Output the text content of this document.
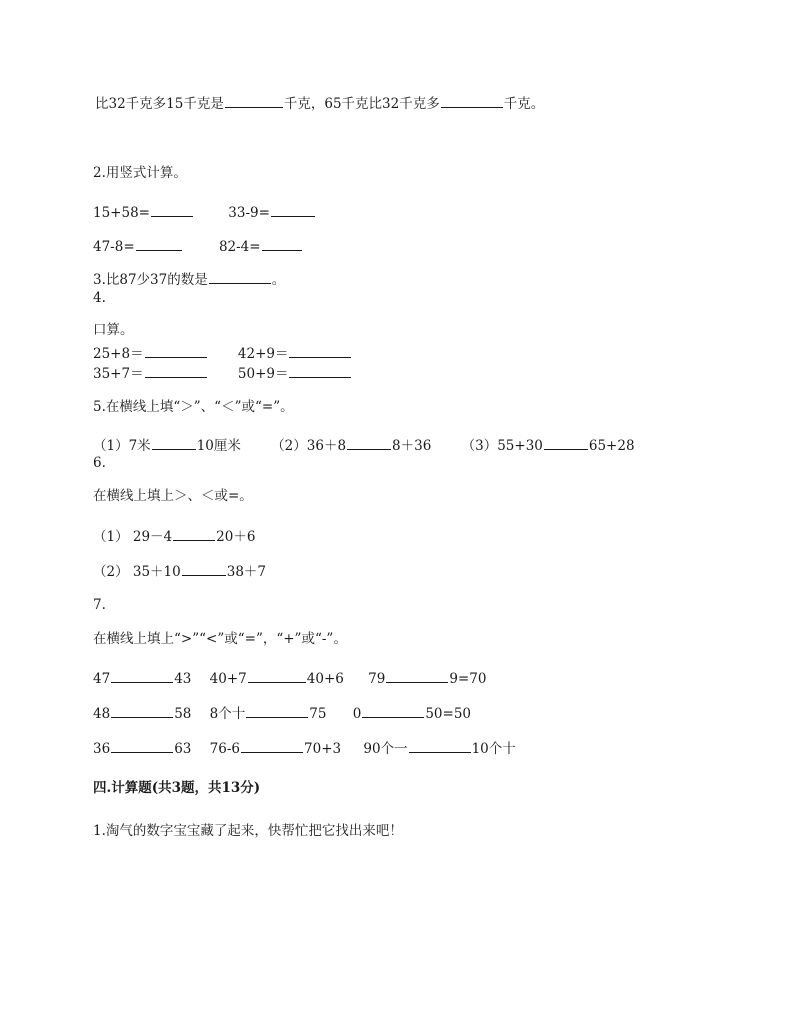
比32千克多15千克是	千克，65千克比32千克多	千克。
2.用竖式计算。
15+58=	33-9=
47-8=	82-4=
3.比87少37的数是	。
4.
口算。
25+8＝	42+9＝
35+7＝	50+9＝
5.在横线上填“＞”、“＜”或“=”。
（1）7米	10厘米 （2）36＋8	8＋36 （3）55+30	65+28
6.
在横线上填上＞、＜或=。
（1） 29－4	20＋6
（2） 35＋10	38＋7
7.
在横线上填上“>”“<”或“=”，“+”或“-”。
47	43 40+7	40+6 79	9=70
48	58 8个十	75 0	50=50
36	63 76-6	70+3 90个一	10个十
四.计算题(共3题，共13分)
1.淘气的数字宝宝藏了起来，快帮忙把它找出来吧！
